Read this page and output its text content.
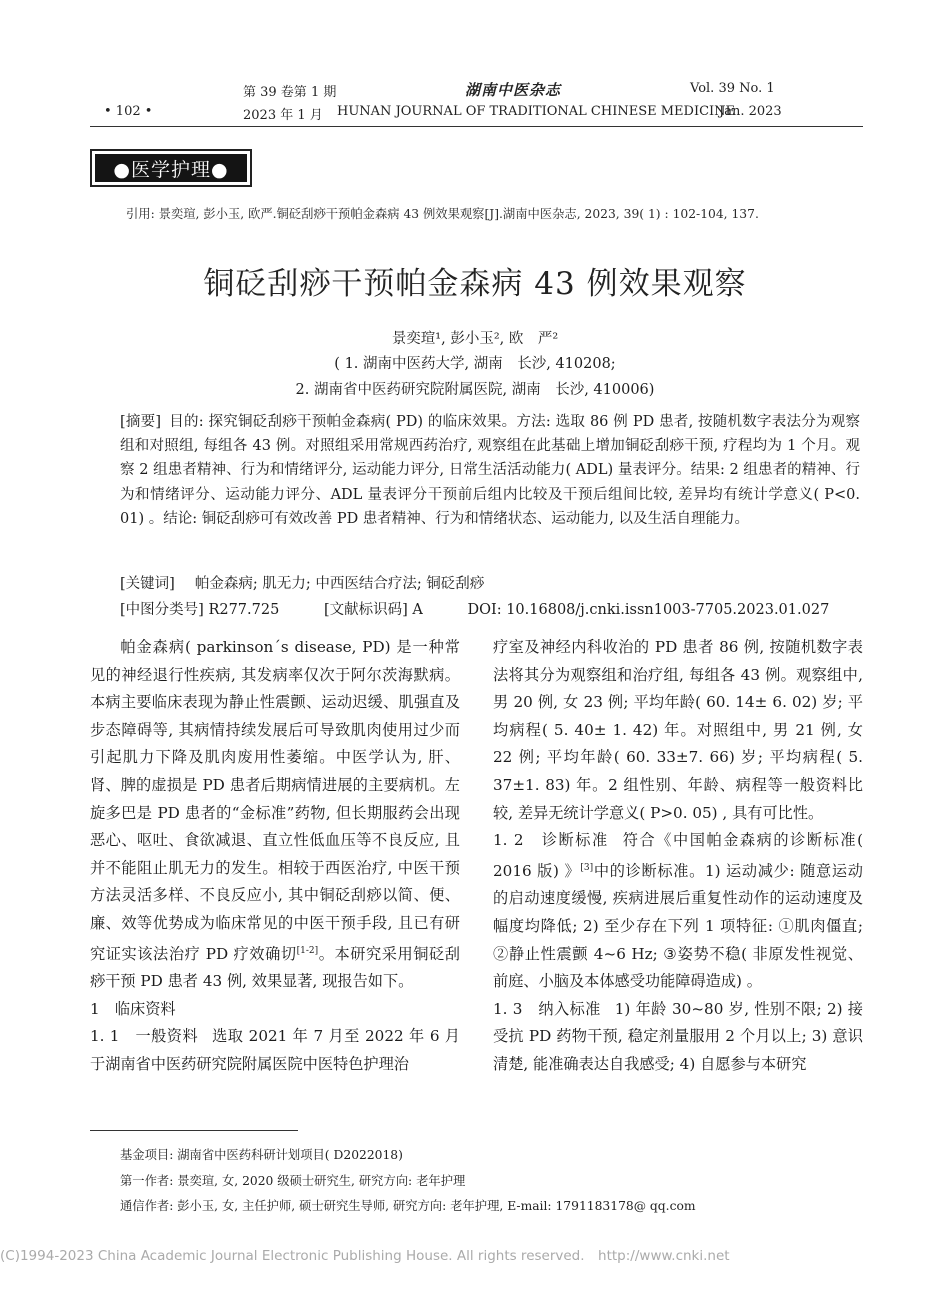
• 102 •
第 39 卷第 1 期
2023 年 1 月
湖南中医杂志
HUNAN JOURNAL OF TRADITIONAL CHINESE MEDICINE
Vol. 39 No. 1
Jan. 2023
●医学护理●
引用: 景奕瑄, 彭小玉, 欧严.铜砭刮痧干预帕金森病 43 例效果观察[J].湖南中医杂志, 2023, 39( 1) : 102-104, 137.
铜砭刮痧干预帕金森病 43 例效果观察
景奕瑄¹, 彭小玉², 欧　严²
( 1. 湖南中医药大学, 湖南　长沙, 410208;
2. 湖南省中医药研究院附属医院, 湖南　长沙, 410006)
[摘要] 目的: 探究铜砭刮痧干预帕金森病( PD) 的临床效果。方法: 选取 86 例 PD 患者, 按随机数字表法分为观察组和对照组, 每组各 43 例。对照组采用常规西药治疗, 观察组在此基础上增加铜砭刮痧干预, 疗程均为 1 个月。观察 2 组患者精神、行为和情绪评分, 运动能力评分, 日常生活活动能力( ADL) 量表评分。结果: 2 组患者的精神、行为和情绪评分、运动能力评分、ADL 量表评分干预前后组内比较及干预后组间比较, 差异均有统计学意义( P<0. 01) 。结论: 铜砭刮痧可有效改善 PD 患者精神、行为和情绪状态、运动能力, 以及生活自理能力。
[关键词] 帕金森病; 肌无力; 中西医结合疗法; 铜砭刮痧
[中图分类号] R277.725	[文献标识码] A	DOI: 10.16808/j.cnki.issn1003-7705.2023.01.027

帕金森病( parkinson´s disease, PD) 是一种常见的神经退行性疾病, 其发病率仅次于阿尔茨海默病。本病主要临床表现为静止性震颤、运动迟缓、肌强直及步态障碍等, 其病情持续发展后可导致肌肉使用过少而引起肌力下降及肌肉废用性萎缩。中医学认为, 肝、肾、脾的虚损是 PD 患者后期病情进展的主要病机。左旋多巴是 PD 患者的“金标准”药物, 但长期服药会出现恶心、呕吐、食欲减退、直立性低血压等不良反应, 且并不能阻止肌无力的发生。相较于西医治疗, 中医干预方法灵活多样、不良反应小, 其中铜砭刮痧以简、便、廉、效等优势成为临床常见的中医干预手段, 且已有研究证实该法治疗 PD 疗效确切[1-2]。本研究采用铜砭刮痧干预 PD 患者 43 例, 效果显著, 现报告如下。

1　临床资料

1. 1　一般资料 选取 2021 年 7 月至 2022 年 6 月于湖南省中医药研究院附属医院中医特色护理治

疗室及神经内科收治的 PD 患者 86 例, 按随机数字表法将其分为观察组和治疗组, 每组各 43 例。观察组中, 男 20 例, 女 23 例; 平均年龄( 60. 14± 6. 02) 岁; 平均病程( 5. 40± 1. 42) 年。对照组中, 男 21 例, 女 22 例; 平均年龄( 60. 33±7. 66) 岁; 平均病程( 5. 37±1. 83) 年。2 组性别、年龄、病程等一般资料比较, 差异无统计学意义( P>0. 05) , 具有可比性。

1. 2　诊断标准 符合《中国帕金森病的诊断标准( 2016 版) 》[3]中的诊断标准。1) 运动减少: 随意运动的启动速度缓慢, 疾病进展后重复性动作的运动速度及幅度均降低; 2) 至少存在下列 1 项特征: ①肌肉僵直; ②静止性震颤 4~6 Hz; ③姿势不稳( 非原发性视觉、前庭、小脑及本体感受功能障碍造成) 。

1. 3　纳入标准 1) 年龄 30~80 岁, 性别不限; 2) 接受抗 PD 药物干预, 稳定剂量服用 2 个月以上; 3) 意识清楚, 能准确表达自我感受; 4) 自愿参与本研究

基金项目: 湖南省中医药科研计划项目( D2022018)
第一作者: 景奕瑄, 女, 2020 级硕士研究生, 研究方向: 老年护理
通信作者: 彭小玉, 女, 主任护师, 硕士研究生导师, 研究方向: 老年护理, E-mail: 1791183178@ qq.com
(C)1994-2023 China Academic Journal Electronic Publishing House. All rights reserved.　http://www.cnki.net
